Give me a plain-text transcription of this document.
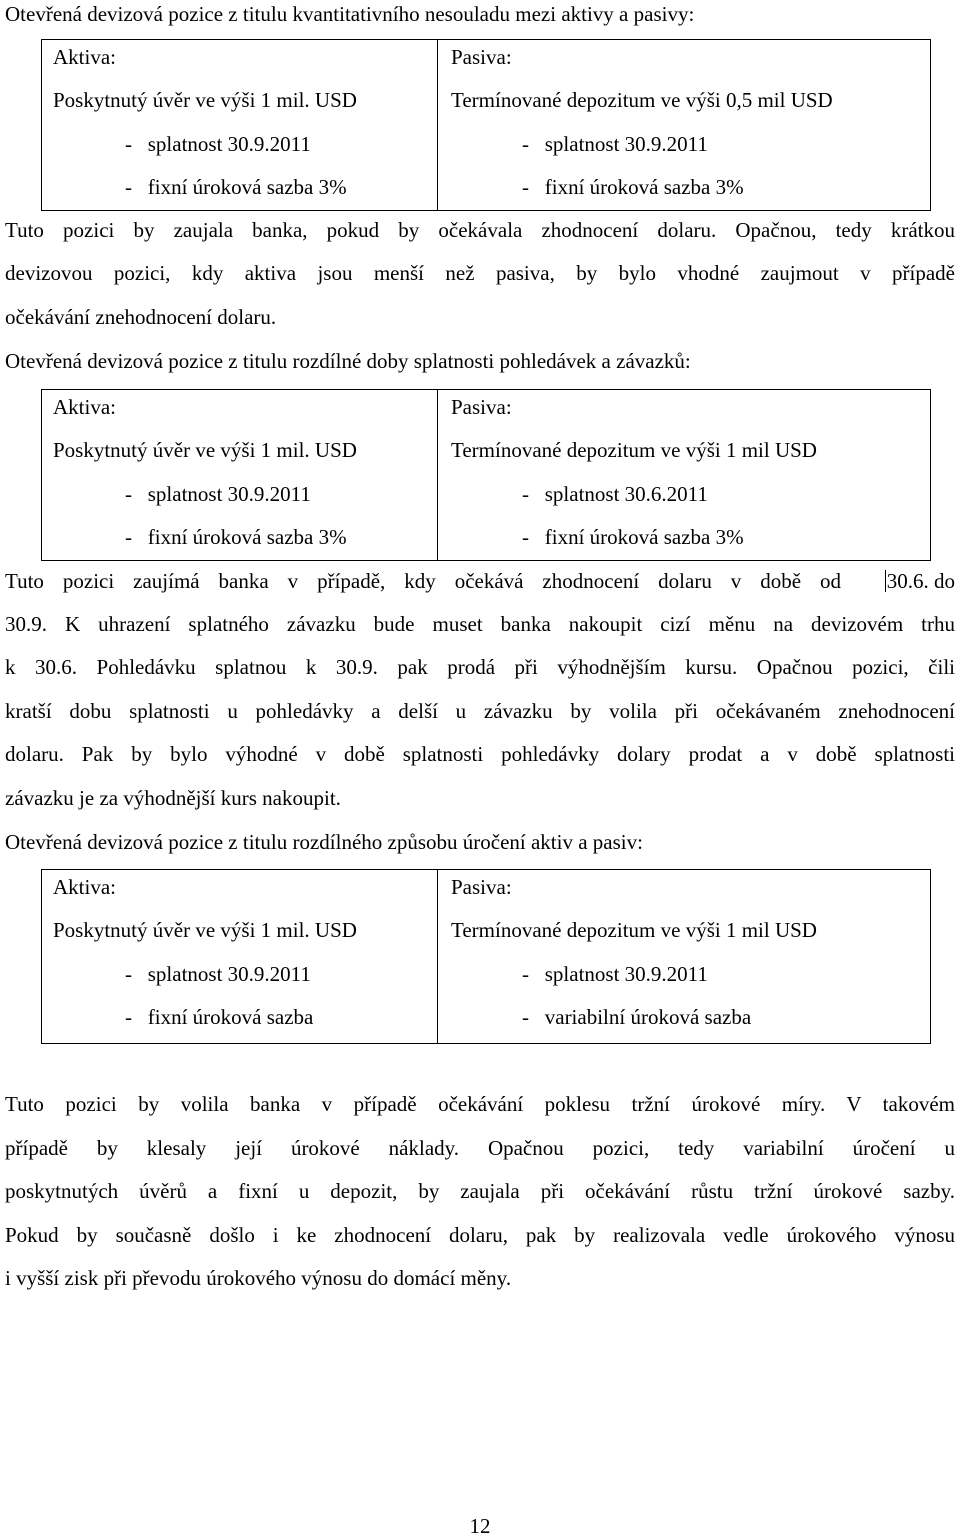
Otevřená devizová pozice z titulu kvantitativního nesouladu mezi aktivy a pasivy:
Aktiva:
Poskytnutý úvěr ve výši 1 mil. USD
-   splatnost 30.9.2011
-   fixní úroková sazba 3%
Pasiva:
Termínované depozitum ve výši 0,5 mil USD
-   splatnost 30.9.2011
-   fixní úroková sazba 3%
Tuto pozici by zaujala banka, pokud by očekávala zhodnocení dolaru. Opačnou, tedy krátkou
devizovou pozici, kdy aktiva jsou menší než pasiva, by bylo vhodné zaujmout v případě
očekávání znehodnocení dolaru.
Otevřená devizová pozice z titulu rozdílné doby splatnosti pohledávek a závazků:
Aktiva:
Poskytnutý úvěr ve výši 1 mil. USD
-   splatnost 30.9.2011
-   fixní úroková sazba 3%
Pasiva:
Termínované depozitum ve výši 1 mil USD
-   splatnost 30.6.2011
-   fixní úroková sazba 3%
Tuto pozici zaujímá banka v případě, kdy očekává zhodnocení dolaru v době od 30.6. do
30.9. K uhrazení splatného závazku bude muset banka nakoupit cizí měnu na devizovém trhu
k 30.6. Pohledávku splatnou k 30.9. pak prodá při výhodnějším kursu. Opačnou pozici, čili
kratší dobu splatnosti u pohledávky a delší u závazku by volila při očekávaném znehodnocení
dolaru. Pak by bylo výhodné v době splatnosti pohledávky dolary prodat a v době splatnosti
závazku je za výhodnější kurs nakoupit.
Otevřená devizová pozice z titulu rozdílného způsobu úročení aktiv a pasiv:
Aktiva:
Poskytnutý úvěr ve výši 1 mil. USD
-   splatnost 30.9.2011
-   fixní úroková sazba
Pasiva:
Termínované depozitum ve výši 1 mil USD
-   splatnost 30.9.2011
-   variabilní úroková sazba
Tuto pozici by volila banka v případě očekávání poklesu tržní úrokové míry. V takovém
případě by klesaly její úrokové náklady. Opačnou pozici, tedy variabilní úročení u
poskytnutých úvěrů a fixní u depozit, by zaujala při očekávání růstu tržní úrokové sazby.
Pokud by současně došlo i ke zhodnocení dolaru, pak by realizovala vedle úrokového výnosu
i vyšší zisk při převodu úrokového výnosu do domácí měny.
12
